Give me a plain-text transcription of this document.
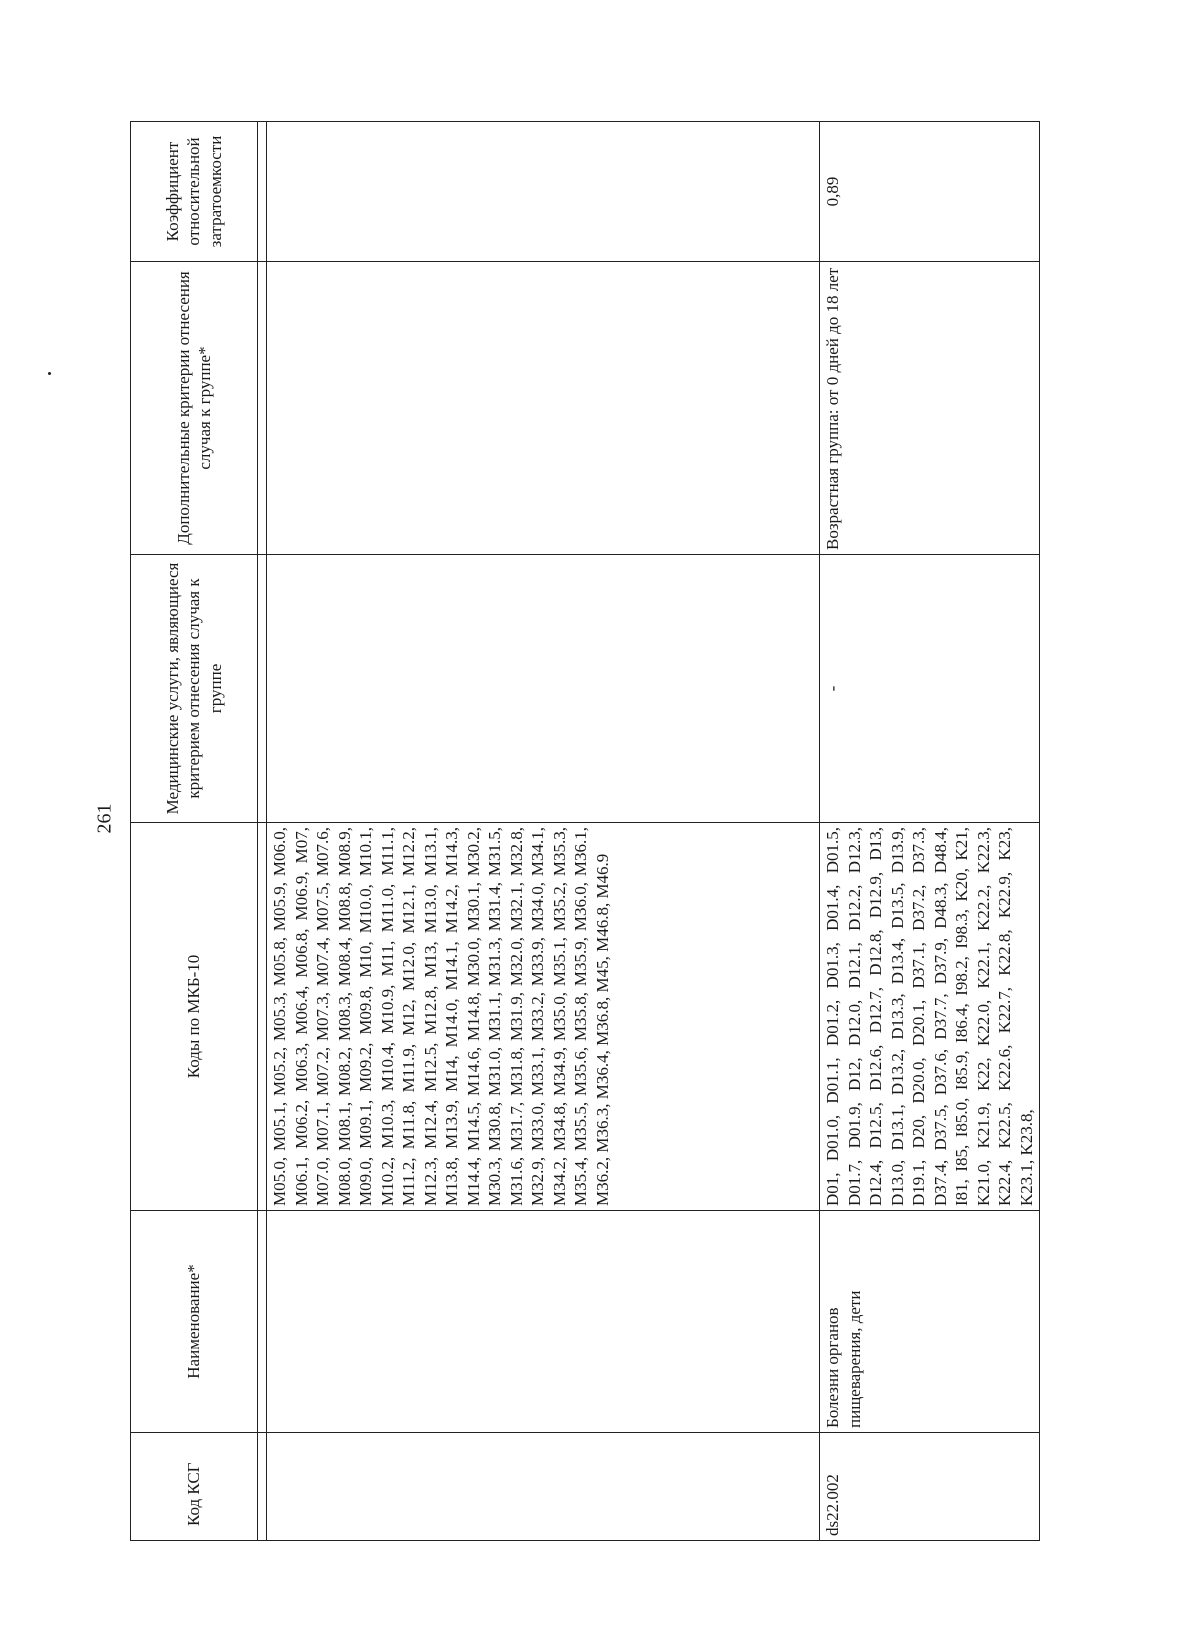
261
Код КСГ	Наименование*	Коды по МКБ-10	Медицинские услуги, являющиеся критерием отнесения случая к группе	Дополнительные критерии отнесения случая к группе*	Коэффициент относительной затратоемкости

		M05.0, M05.1, M05.2, M05.3, M05.8, M05.9, M06.0, M06.1, M06.2, M06.3, M06.4, M06.8, M06.9, M07, M07.0, M07.1, M07.2, M07.3, M07.4, M07.5, M07.6, M08.0, M08.1, M08.2, M08.3, M08.4, M08.8, M08.9, M09.0, M09.1, M09.2, M09.8, M10, M10.0, M10.1, M10.2, M10.3, M10.4, M10.9, M11, M11.0, M11.1, M11.2, M11.8, M11.9, M12, M12.0, M12.1, M12.2, M12.3, M12.4, M12.5, M12.8, M13, M13.0, M13.1, M13.8, M13.9, M14, M14.0, M14.1, M14.2, M14.3, M14.4, M14.5, M14.6, M14.8, M30.0, M30.1, M30.2, M30.3, M30.8, M31.0, M31.1, M31.3, M31.4, M31.5, M31.6, M31.7, M31.8, M31.9, M32.0, M32.1, M32.8, M32.9, M33.0, M33.1, M33.2, M33.9, M34.0, M34.1, M34.2, M34.8, M34.9, M35.0, M35.1, M35.2, M35.3, M35.4, M35.5, M35.6, M35.8, M35.9, M36.0, M36.1, M36.2, M36.3, M36.4, M36.8, M45, M46.8, M46.9			
ds22.002	Болезни органов пищеварения, дети	D01, D01.0, D01.1, D01.2, D01.3, D01.4, D01.5, D01.7, D01.9, D12, D12.0, D12.1, D12.2, D12.3, D12.4, D12.5, D12.6, D12.7, D12.8, D12.9, D13, D13.0, D13.1, D13.2, D13.3, D13.4, D13.5, D13.9, D19.1, D20, D20.0, D20.1, D37.1, D37.2, D37.3, D37.4, D37.5, D37.6, D37.7, D37.9, D48.3, D48.4, I81, I85, I85.0, I85.9, I86.4, I98.2, I98.3, K20, K21, K21.0, K21.9, K22, K22.0, K22.1, K22.2, K22.3, K22.4, K22.5, K22.6, K22.7, K22.8, K22.9, K23, K23.1, K23.8,	-	Возрастная группа: от 0 дней до 18 лет	0,89
